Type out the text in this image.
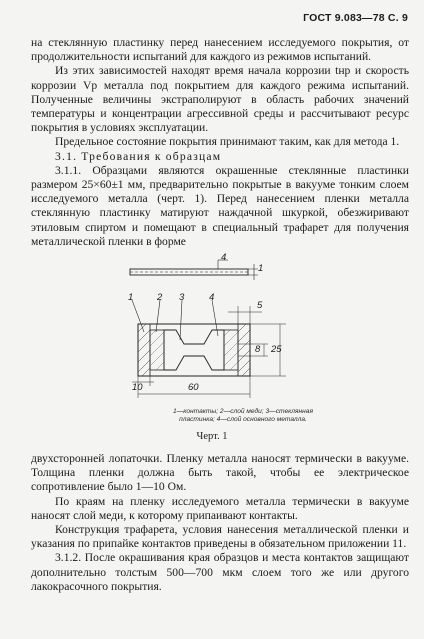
ГОСТ 9.083—78 С. 9

на стеклянную пластинку перед нанесением исследуемого покрытия, от продолжительности испытаний для каждого из режимов испытаний.

Из этих зависимостей находят время начала коррозии tнр и скорость коррозии Vp металла под покрытием для каждого режима испытаний. Полученные величины экстраполируют в область рабочих значений температуры и концентрации агрессивной среды и рассчитывают ресурс покрытия в условиях эксплуатации.

Предельное состояние покрытия принимают таким, как для метода 1.

3.1. Требования к образцам

3.1.1. Образцами являются окрашенные стеклянные пластинки размером 25×60±1 мм, предварительно покрытые в вакууме тонким слоем исследуемого металла (черт. 1). Перед нанесением пленки металла стеклянную пластинку матируют наждачной шкуркой, обезжиривают этиловым спиртом и помещают в специальный трафарет для получения металлической пленки в форме

4
1
1 2 3	4
5
8 25
10	60
1—контакты; 2—слой меди; 3—стеклянная
пластинка; 4—слой основного металла.
Черт. 1

двухсторонней лопаточки. Пленку металла наносят термически в вакууме. Толщина пленки должна быть такой, чтобы ее электрическое сопротивление было 1—10 Ом.

По краям на пленку исследуемого металла термически в вакууме наносят слой меди, к которому припаивают контакты.

Конструкция трафарета, условия нанесения металлической пленки и указания по припайке контактов приведены в обязательном приложении 11.

3.1.2. После окрашивания края образцов и места контактов защищают дополнительно толстым 500—700 мкм слоем того же или другого лакокрасочного покрытия.
